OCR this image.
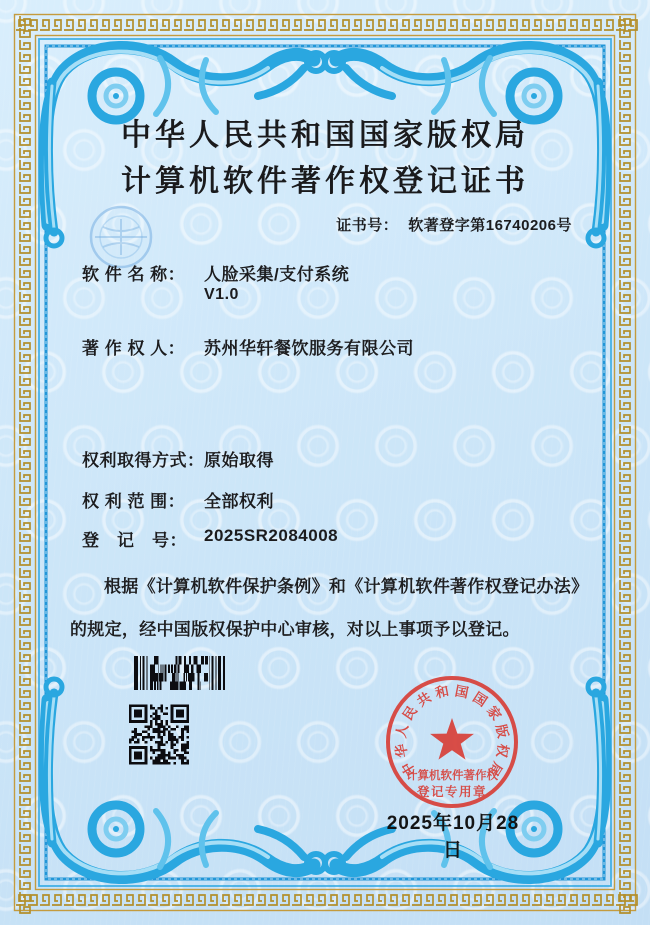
中华人民共和国国家版权局
计算机软件著作权登记证书
证书号： 软著登字第16740206号
软 件 名 称： 人脸采集/支付系统
V1.0
著 作 权 人： 苏州华轩餐饮服务有限公司
权利取得方式： 原始取得
权 利 范 围： 全部权利
登　记　号： 2025SR2084008
根据《计算机软件保护条例》和《计算机软件著作权登记办法》的规定，经中国版权保护中心审核，对以上事项予以登记。
中
华
人
民
共 和 国 国
家
版
权
局
计算机软件著作权
登记专用章
2025年10月28日
